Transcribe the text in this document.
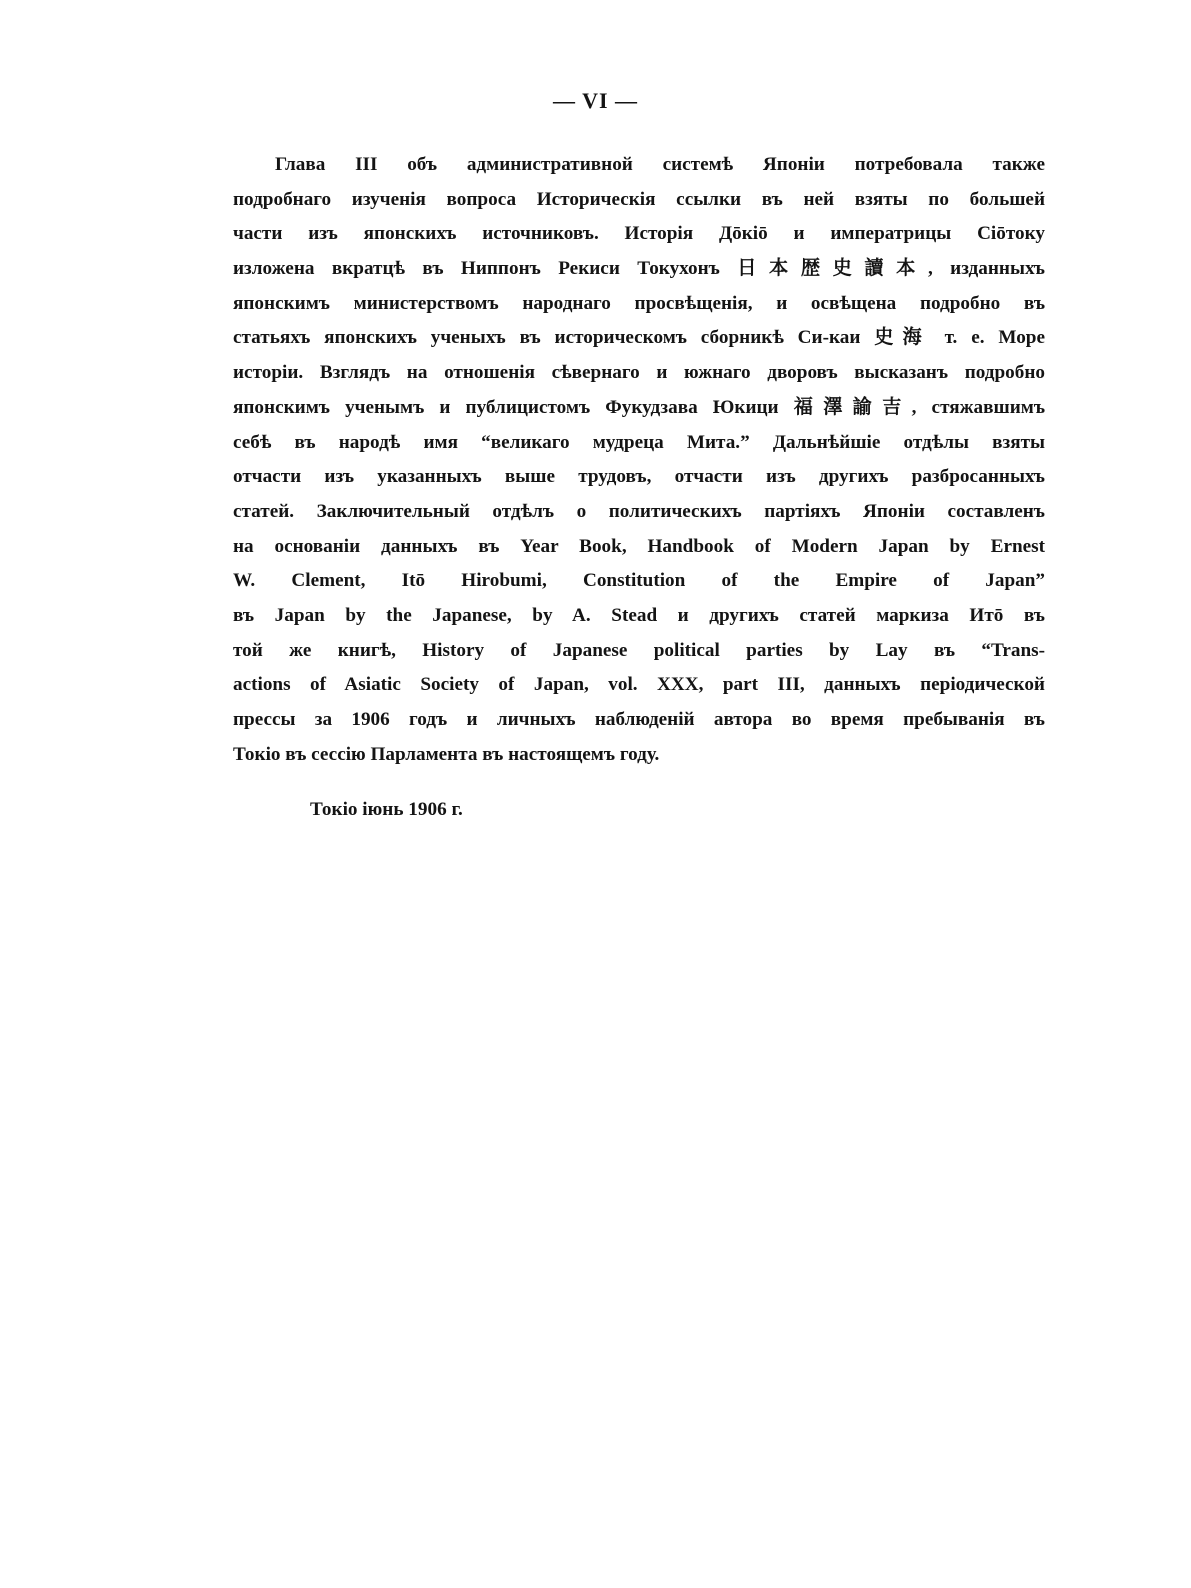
— VI —
Глава III объ административной системѣ Японіи потребовала также
подробнаго изученія вопроса Историческія ссылки въ ней взяты по большей
части изъ японскихъ источниковъ. Исторія Дōкіō и императрицы Сіōтоку
изложена вкратцѣ въ Ниппонъ Рекиси Токухонъ 日本歴史讀本, изданныхъ
японскимъ министерствомъ народнаго просвѣщенія, и освѣщена подробно въ
статьяхъ японскихъ ученыхъ въ историческомъ сборникѣ Си-каи 史海 т. е. Море
исторіи. Взглядъ на отношенія сѣвернаго и южнаго дворовъ высказанъ подробно
японскимъ ученымъ и публицистомъ Фукудзава Юкици 福澤諭吉, стяжавшимъ
себѣ въ народѣ имя “великаго мудреца Мита.” Дальнѣйшіе отдѣлы взяты
отчасти изъ указанныхъ выше трудовъ, отчасти изъ другихъ разбросанныхъ
статей. Заключительный отдѣлъ о политическихъ партіяхъ Японіи составленъ
на основаніи данныхъ въ Year Book, Handbook of Modern Japan by Ernest
W. Clement, Itō Hirobumi, Constitution of the Empire of Japan”
въ Japan by the Japanese, by A. Stead и другихъ статей маркиза Итō въ
той же книгѣ, History of Japanese political parties by Lay въ “Trans-
actions of Asiatic Society of Japan, vol. XXX, part III, данныхъ періодической
прессы за 1906 годъ и личныхъ наблюденій автора во время пребыванія въ
Токіо въ сессію Парламента въ настоящемъ году.
Токіо іюнь 1906 г.
